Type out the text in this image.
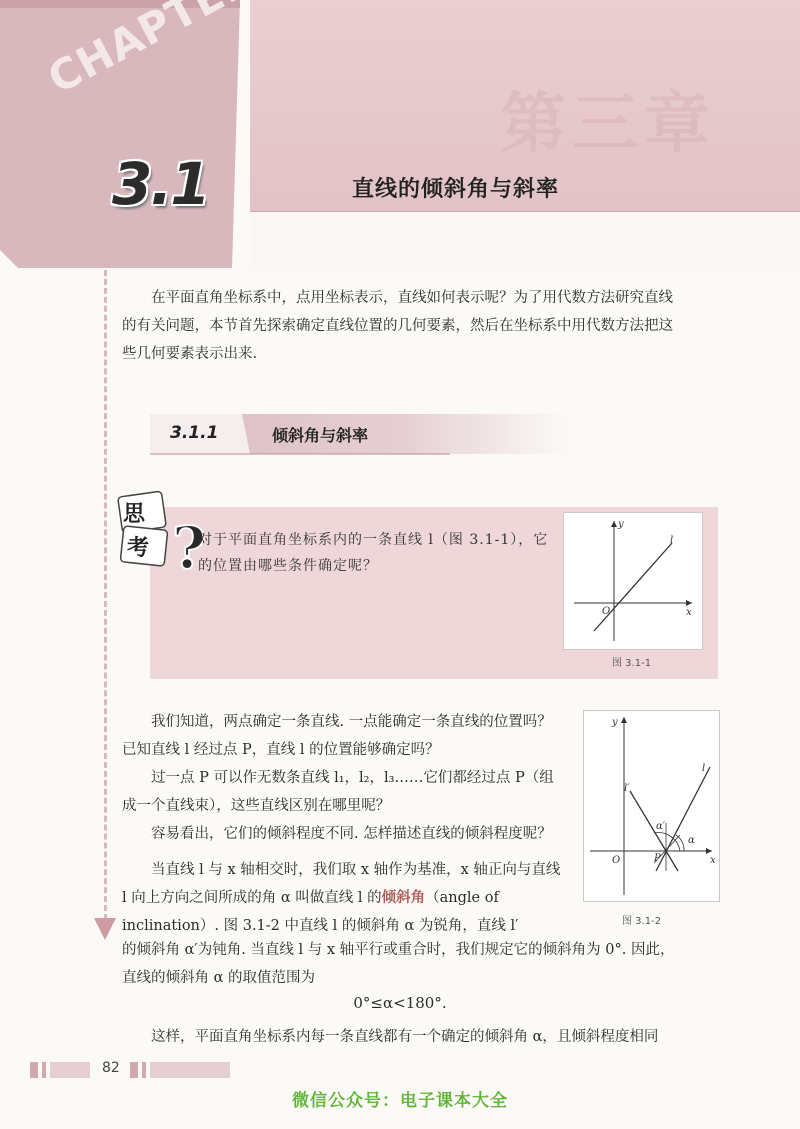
CHAPTER
第三章
3.1	直线的倾斜角与斜率
在平面直角坐标系中，点用坐标表示，直线如何表示呢？为了用代数方法研究直线的有关问题，本节首先探索确定直线位置的几何要素，然后在坐标系中用代数方法把这些几何要素表示出来.
3.1.1	倾斜角与斜率
?
思
考	对于平面直角坐标系内的一条直线 l（图 3.1-1），它的位置由哪些条件确定呢？
x
y
O
l
图 3.1-1

我们知道，两点确定一条直线. 一点能确定一条直线的位置吗？已知直线 l 经过点 P，直线 l 的位置能够确定吗？

过一点 P 可以作无数条直线 l₁，l₂，l₃……它们都经过点 P（组成一个直线束），这些直线区别在哪里呢？

容易看出，它们的倾斜程度不同. 怎样描述直线的倾斜程度呢？

当直线 l 与 x 轴相交时，我们取 x 轴作为基准，x 轴正向与直线 l 向上方向之间所成的角 α 叫做直线 l 的倾斜角（angle of inclination）. 图 3.1-2 中直线 l 的倾斜角 α 为锐角，直线 l′

x
y
O	P
l
l′
α
α′
图 3.1-2
的倾斜角 α′为钝角. 当直线 l 与 x 轴平行或重合时，我们规定它的倾斜角为 0°. 因此，直线的倾斜角 α 的取值范围为
0°≤α<180°.
这样，平面直角坐标系内每一条直线都有一个确定的倾斜角 α，且倾斜程度相同
82
微信公众号：电子课本大全
